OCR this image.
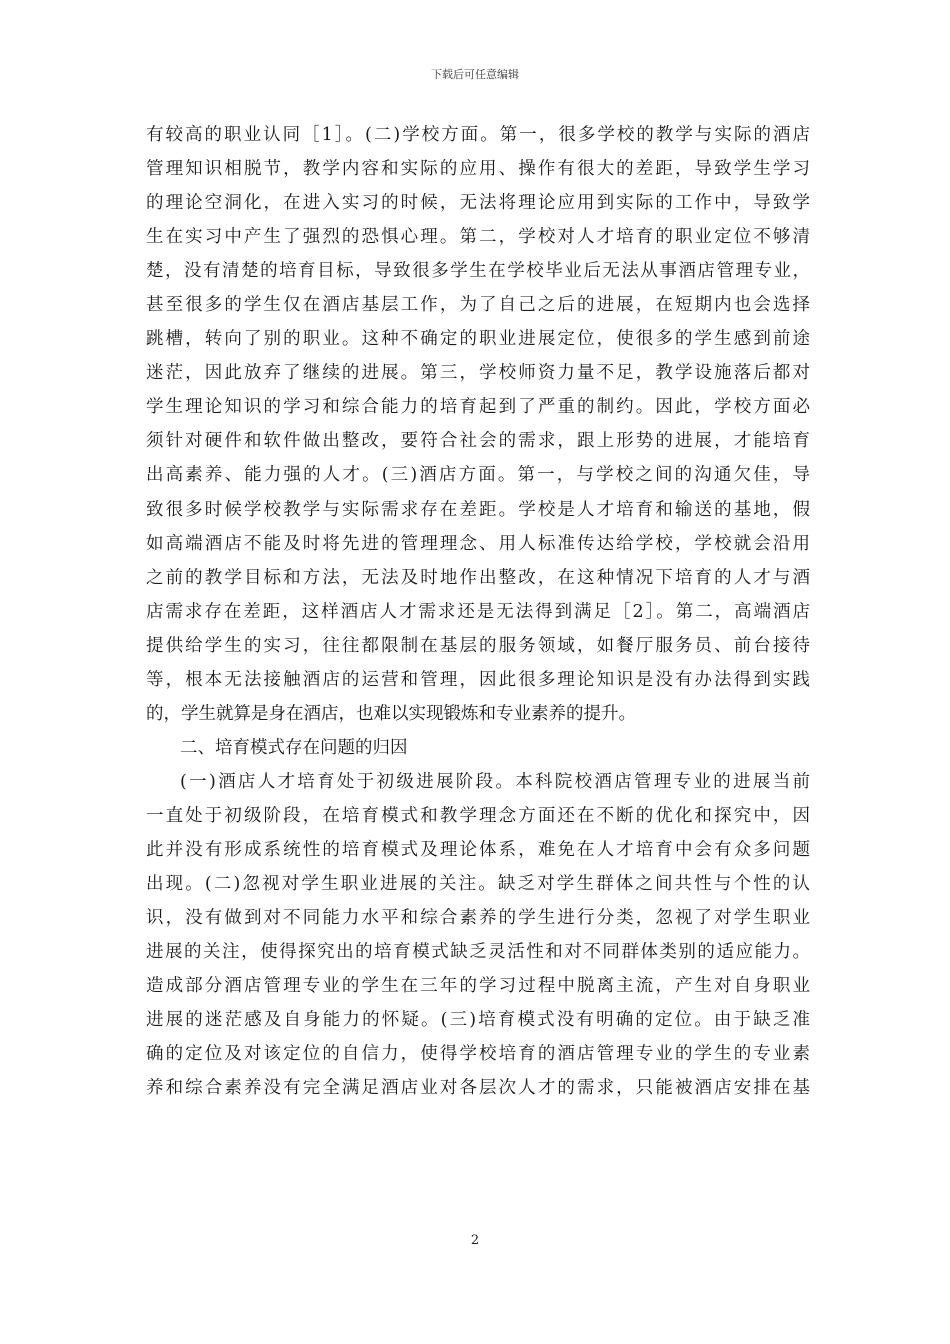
下载后可任意编辑
有较高的职业认同［1］。(二)学校方面。第一，很多学校的教学与实际的酒店
管理知识相脱节，教学内容和实际的应用、操作有很大的差距，导致学生学习
的理论空洞化，在进入实习的时候，无法将理论应用到实际的工作中，导致学
生在实习中产生了强烈的恐惧心理。第二，学校对人才培育的职业定位不够清
楚，没有清楚的培育目标，导致很多学生在学校毕业后无法从事酒店管理专业，
甚至很多的学生仅在酒店基层工作，为了自己之后的进展，在短期内也会选择
跳槽，转向了别的职业。这种不确定的职业进展定位，使很多的学生感到前途
迷茫，因此放弃了继续的进展。第三，学校师资力量不足，教学设施落后都对
学生理论知识的学习和综合能力的培育起到了严重的制约。因此，学校方面必
须针对硬件和软件做出整改，要符合社会的需求，跟上形势的进展，才能培育
出高素养、能力强的人才。(三)酒店方面。第一，与学校之间的沟通欠佳，导
致很多时候学校教学与实际需求存在差距。学校是人才培育和输送的基地，假
如高端酒店不能及时将先进的管理理念、用人标准传达给学校，学校就会沿用
之前的教学目标和方法，无法及时地作出整改，在这种情况下培育的人才与酒
店需求存在差距，这样酒店人才需求还是无法得到满足［2］。第二，高端酒店
提供给学生的实习，往往都限制在基层的服务领域，如餐厅服务员、前台接待
等，根本无法接触酒店的运营和管理，因此很多理论知识是没有办法得到实践
的，学生就算是身在酒店，也难以实现锻炼和专业素养的提升。
二、培育模式存在问题的归因
(一)酒店人才培育处于初级进展阶段。本科院校酒店管理专业的进展当前
一直处于初级阶段，在培育模式和教学理念方面还在不断的优化和探究中，因
此并没有形成系统性的培育模式及理论体系，难免在人才培育中会有众多问题
出现。(二)忽视对学生职业进展的关注。缺乏对学生群体之间共性与个性的认
识，没有做到对不同能力水平和综合素养的学生进行分类，忽视了对学生职业
进展的关注，使得探究出的培育模式缺乏灵活性和对不同群体类别的适应能力。
造成部分酒店管理专业的学生在三年的学习过程中脱离主流，产生对自身职业
进展的迷茫感及自身能力的怀疑。(三)培育模式没有明确的定位。由于缺乏准
确的定位及对该定位的自信力，使得学校培育的酒店管理专业的学生的专业素
养和综合素养没有完全满足酒店业对各层次人才的需求，只能被酒店安排在基
2
